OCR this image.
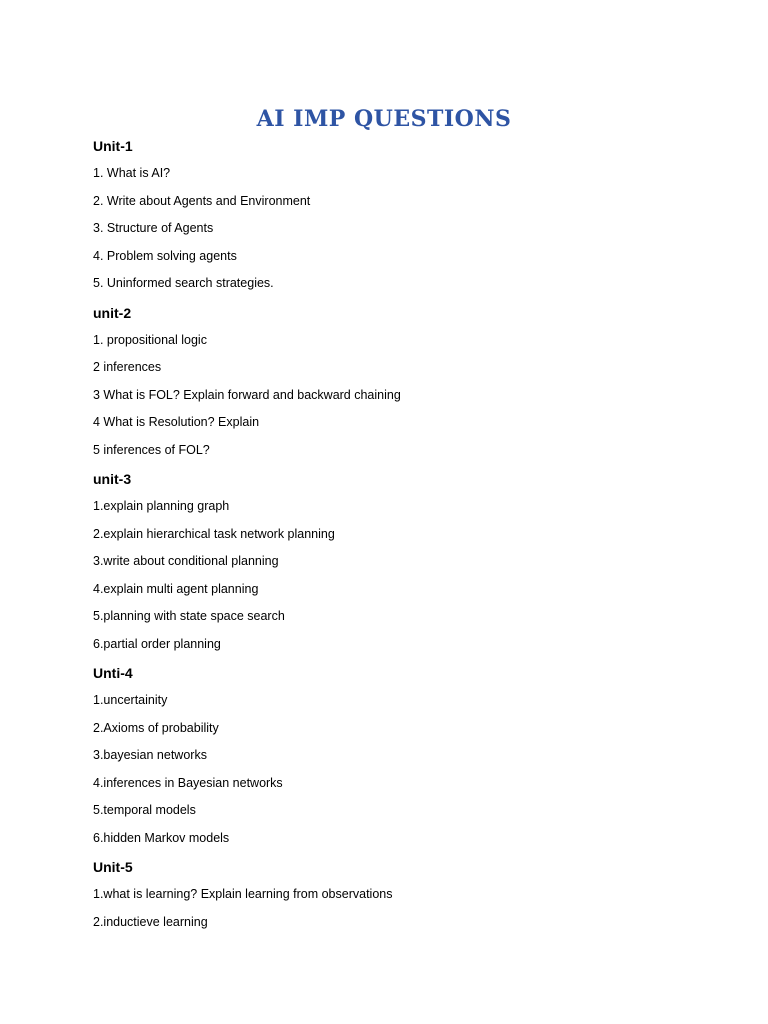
AI IMP QUESTIONS
Unit-1
1. What is AI?
2. Write about Agents and Environment
3. Structure of Agents
4. Problem solving agents
5. Uninformed search strategies.
unit-2
1. propositional logic
2 inferences
3 What is FOL? Explain forward and backward chaining
4 What is Resolution? Explain
5 inferences of FOL?
unit-3
1.explain planning graph
2.explain hierarchical task network planning
3.write about conditional planning
4.explain multi agent planning
5.planning with state space search
6.partial order planning
Unti-4
1.uncertainity
2.Axioms of probability
3.bayesian networks
4.inferences in Bayesian networks
5.temporal models
6.hidden Markov models
Unit-5
1.what is learning? Explain learning from observations
2.inductieve learning
